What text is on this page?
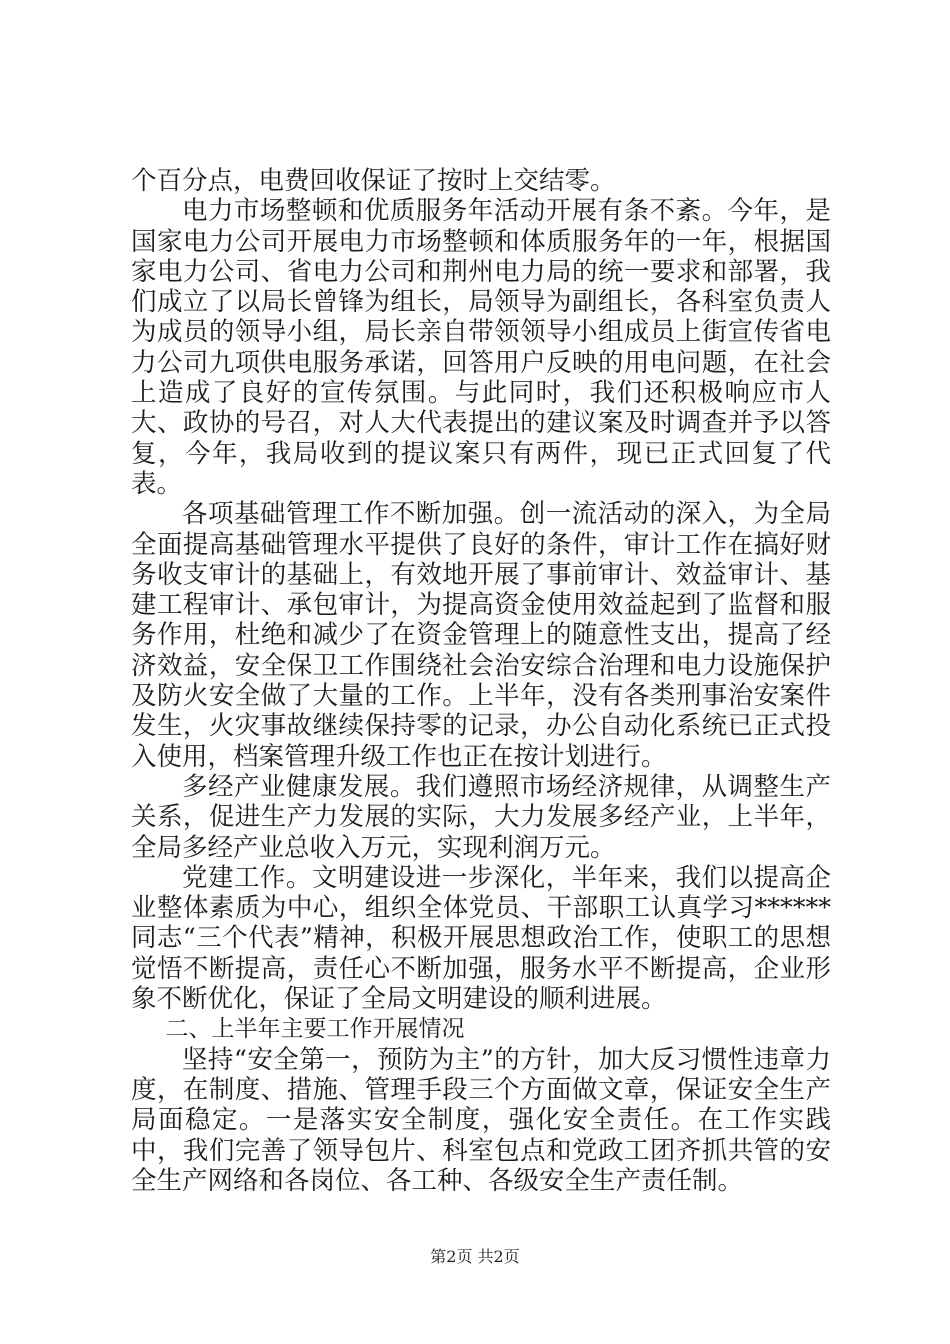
个百分点，电费回收保证了按时上交结零。

电力市场整顿和优质服务年活动开展有条不紊。今年，是国家电力公司开展电力市场整顿和体质服务年的一年，根据国家电力公司、省电力公司和荆州电力局的统一要求和部署，我们成立了以局长曾锋为组长，局领导为副组长，各科室负责人为成员的领导小组，局长亲自带领领导小组成员上街宣传省电力公司九项供电服务承诺，回答用户反映的用电问题，在社会上造成了良好的宣传氛围。与此同时，我们还积极响应市人大、政协的号召，对人大代表提出的建议案及时调查并予以答复，今年，我局收到的提议案只有两件，现已正式回复了代表。

各项基础管理工作不断加强。创一流活动的深入，为全局全面提高基础管理水平提供了良好的条件，审计工作在搞好财务收支审计的基础上，有效地开展了事前审计、效益审计、基建工程审计、承包审计，为提高资金使用效益起到了监督和服务作用，杜绝和减少了在资金管理上的随意性支出，提高了经济效益，安全保卫工作围绕社会治安综合治理和电力设施保护及防火安全做了大量的工作。上半年，没有各类刑事治安案件发生，火灾事故继续保持零的记录，办公自动化系统已正式投入使用，档案管理升级工作也正在按计划进行。

多经产业健康发展。我们遵照市场经济规律，从调整生产关系，促进生产力发展的实际，大力发展多经产业，上半年，全局多经产业总收入万元，实现利润万元。

党建工作。文明建设进一步深化，半年来，我们以提高企业整体素质为中心，组织全体党员、干部职工认真学习******同志“三个代表”精神，积极开展思想政治工作，使职工的思想觉悟不断提高，责任心不断加强，服务水平不断提高，企业形象不断优化，保证了全局文明建设的顺利进展。

二、上半年主要工作开展情况

坚持“安全第一，预防为主”的方针，加大反习惯性违章力度，在制度、措施、管理手段三个方面做文章，保证安全生产局面稳定。一是落实安全制度，强化安全责任。在工作实践中，我们完善了领导包片、科室包点和党政工团齐抓共管的安全生产网络和各岗位、各工种、各级安全生产责任制。

第2页 共2页
